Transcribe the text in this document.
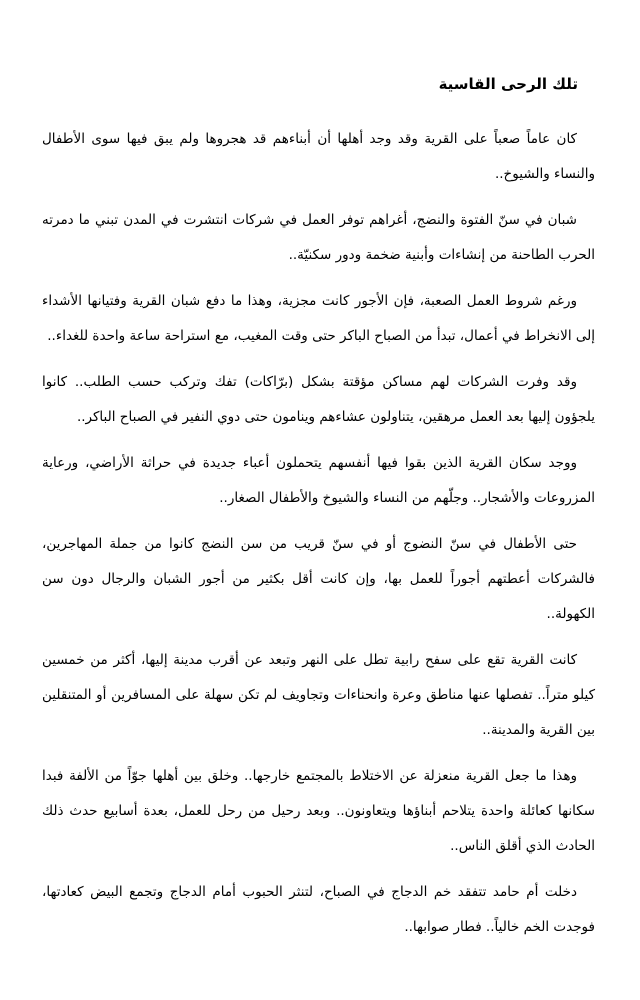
تلك الرحى القاسية

كان عاماً صعباً على القرية وقد وجد أهلها أن أبناءهم قد هجروها ولم يبق فيها سوى الأطفال والنساء والشيوخ..

شبان في سنّ الفتوة والنضج، أغراهم توفر العمل في شركات انتشرت في المدن تبني ما دمرته الحرب الطاحنة من إنشاءات وأبنية ضخمة ودور سكنيّة..

ورغم شروط العمل الصعبة، فإن الأجور كانت مجزية، وهذا ما دفع شبان القرية وفتيانها الأشداء إلى الانخراط في أعمال، تبدأ من الصباح الباكر حتى وقت المغيب، مع استراحة ساعة واحدة للغداء..

وقد وفرت الشركات لهم مساكن مؤقتة بشكل (برّاكات) تفك وتركب حسب الطلب.. كانوا يلجؤون إليها بعد العمل مرهقين، يتناولون عشاءهم وينامون حتى دوي النفير في الصباح الباكر..

ووجد سكان القرية الذين بقوا فيها أنفسهم يتحملون أعباء جديدة في حراثة الأراضي، ورعاية المزروعات والأشجار.. وجلّهم من النساء والشيوخ والأطفال الصغار..

حتى الأطفال في سنّ النضوج أو في سنّ قريب من سن النضج كانوا من جملة المهاجرين، فالشركات أعطتهم أجوراً للعمل بها، وإن كانت أقل بكثير من أجور الشبان والرجال دون سن الكهولة..

كانت القرية تقع على سفح رابية تطل على النهر وتبعد عن أقرب مدينة إليها، أكثر من خمسين كيلو متراً.. تفصلها عنها مناطق وعرة وانحناءات وتجاويف لم تكن سهلة على المسافرين أو المتنقلين بين القرية والمدينة..

وهذا ما جعل القرية منعزلة عن الاختلاط بالمجتمع خارجها.. وخلق بين أهلها جوّاً من الألفة فبدا سكانها كعائلة واحدة يتلاحم أبناؤها ويتعاونون.. وبعد رحيل من رحل للعمل، بعدة أسابيع حدث ذلك الحادث الذي أقلق الناس..

دخلت أم حامد تتفقد خم الدجاج في الصباح، لتنثر الحبوب أمام الدجاج وتجمع البيض كعادتها، فوجدت الخم خالياً.. فطار صوابها..
